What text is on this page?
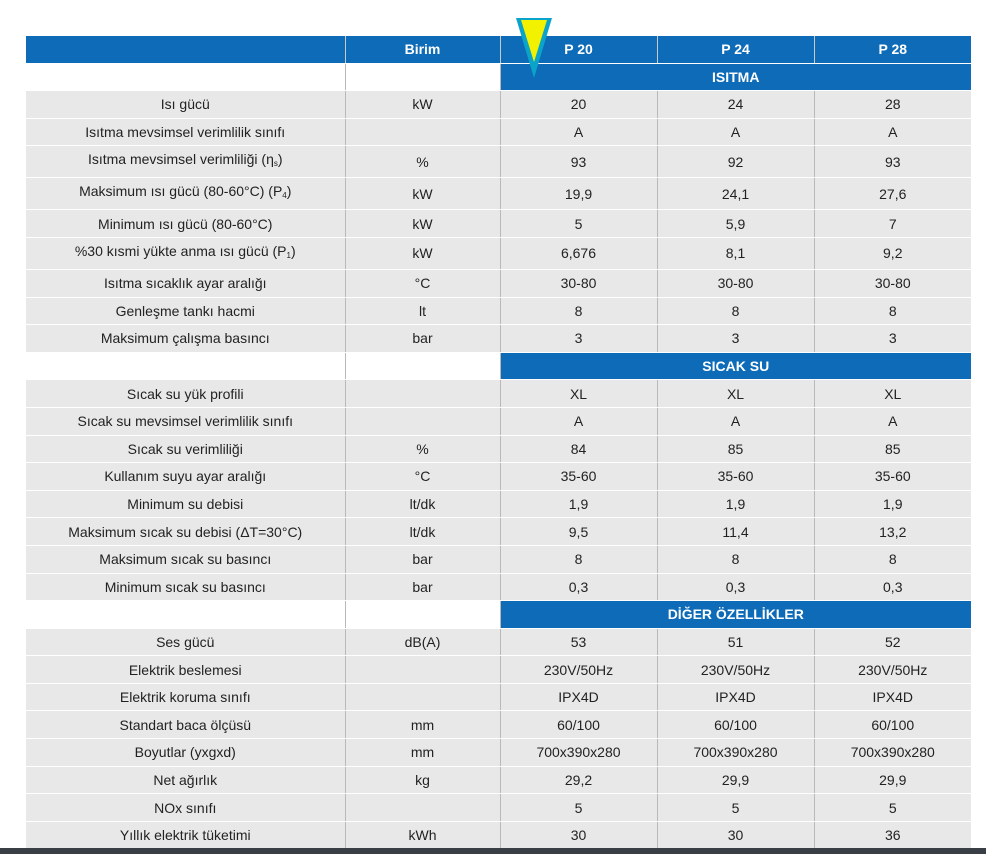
	Birim	P 20	P 24	P 28
		ISITMA		
Isı gücü	kW	20	24	28
Isıtma mevsimsel verimlilik sınıfı		A	A	A
Isıtma mevsimsel verimliliği $(\eta_s)$	%	93	92	93
Maksimum ısı gücü (80-60°C) $(P_4)$	kW	19,9	24,1	27,6
Minimum ısı gücü (80-60°C)	kW	5	5,9	7
%30 kısmi yükte anma ısı gücü $(P_1)$	kW	6,676	8,1	9,2
Isıtma sıcaklık ayar aralığı	°C	30-80	30-80	30-80
Genleşme tankı hacmi	lt	8	8	8
Maksimum çalışma basıncı	bar	3	3	3
		SICAK SU		
Sıcak su yük profili		XL	XL	XL
Sıcak su mevsimsel verimlilik sınıfı		A	A	A
Sıcak su verimliliği	%	84	85	85
Kullanım suyu ayar aralığı	°C	35-60	35-60	35-60
Minimum su debisi	lt/dk	1,9	1,9	1,9
Maksimum sıcak su debisi (ΔT=30°C)	lt/dk	9,5	11,4	13,2
Maksimum sıcak su basıncı	bar	8	8	8
Minimum sıcak su basıncı	bar	0,3	0,3	0,3
		DİĞER ÖZELLİKLER		
Ses gücü	dB(A)	53	51	52
Elektrik beslemesi		230V/50Hz	230V/50Hz	230V/50Hz
Elektrik koruma sınıfı		IPX4D	IPX4D	IPX4D
Standart baca ölçüsü	mm	60/100	60/100	60/100
Boyutlar (yxgxd)	mm	700x390x280	700x390x280	700x390x280
Net ağırlık	kg	29,2	29,9	29,9
NOx sınıfı		5	5	5
Yıllık elektrik tüketimi	kWh	30	30	36
